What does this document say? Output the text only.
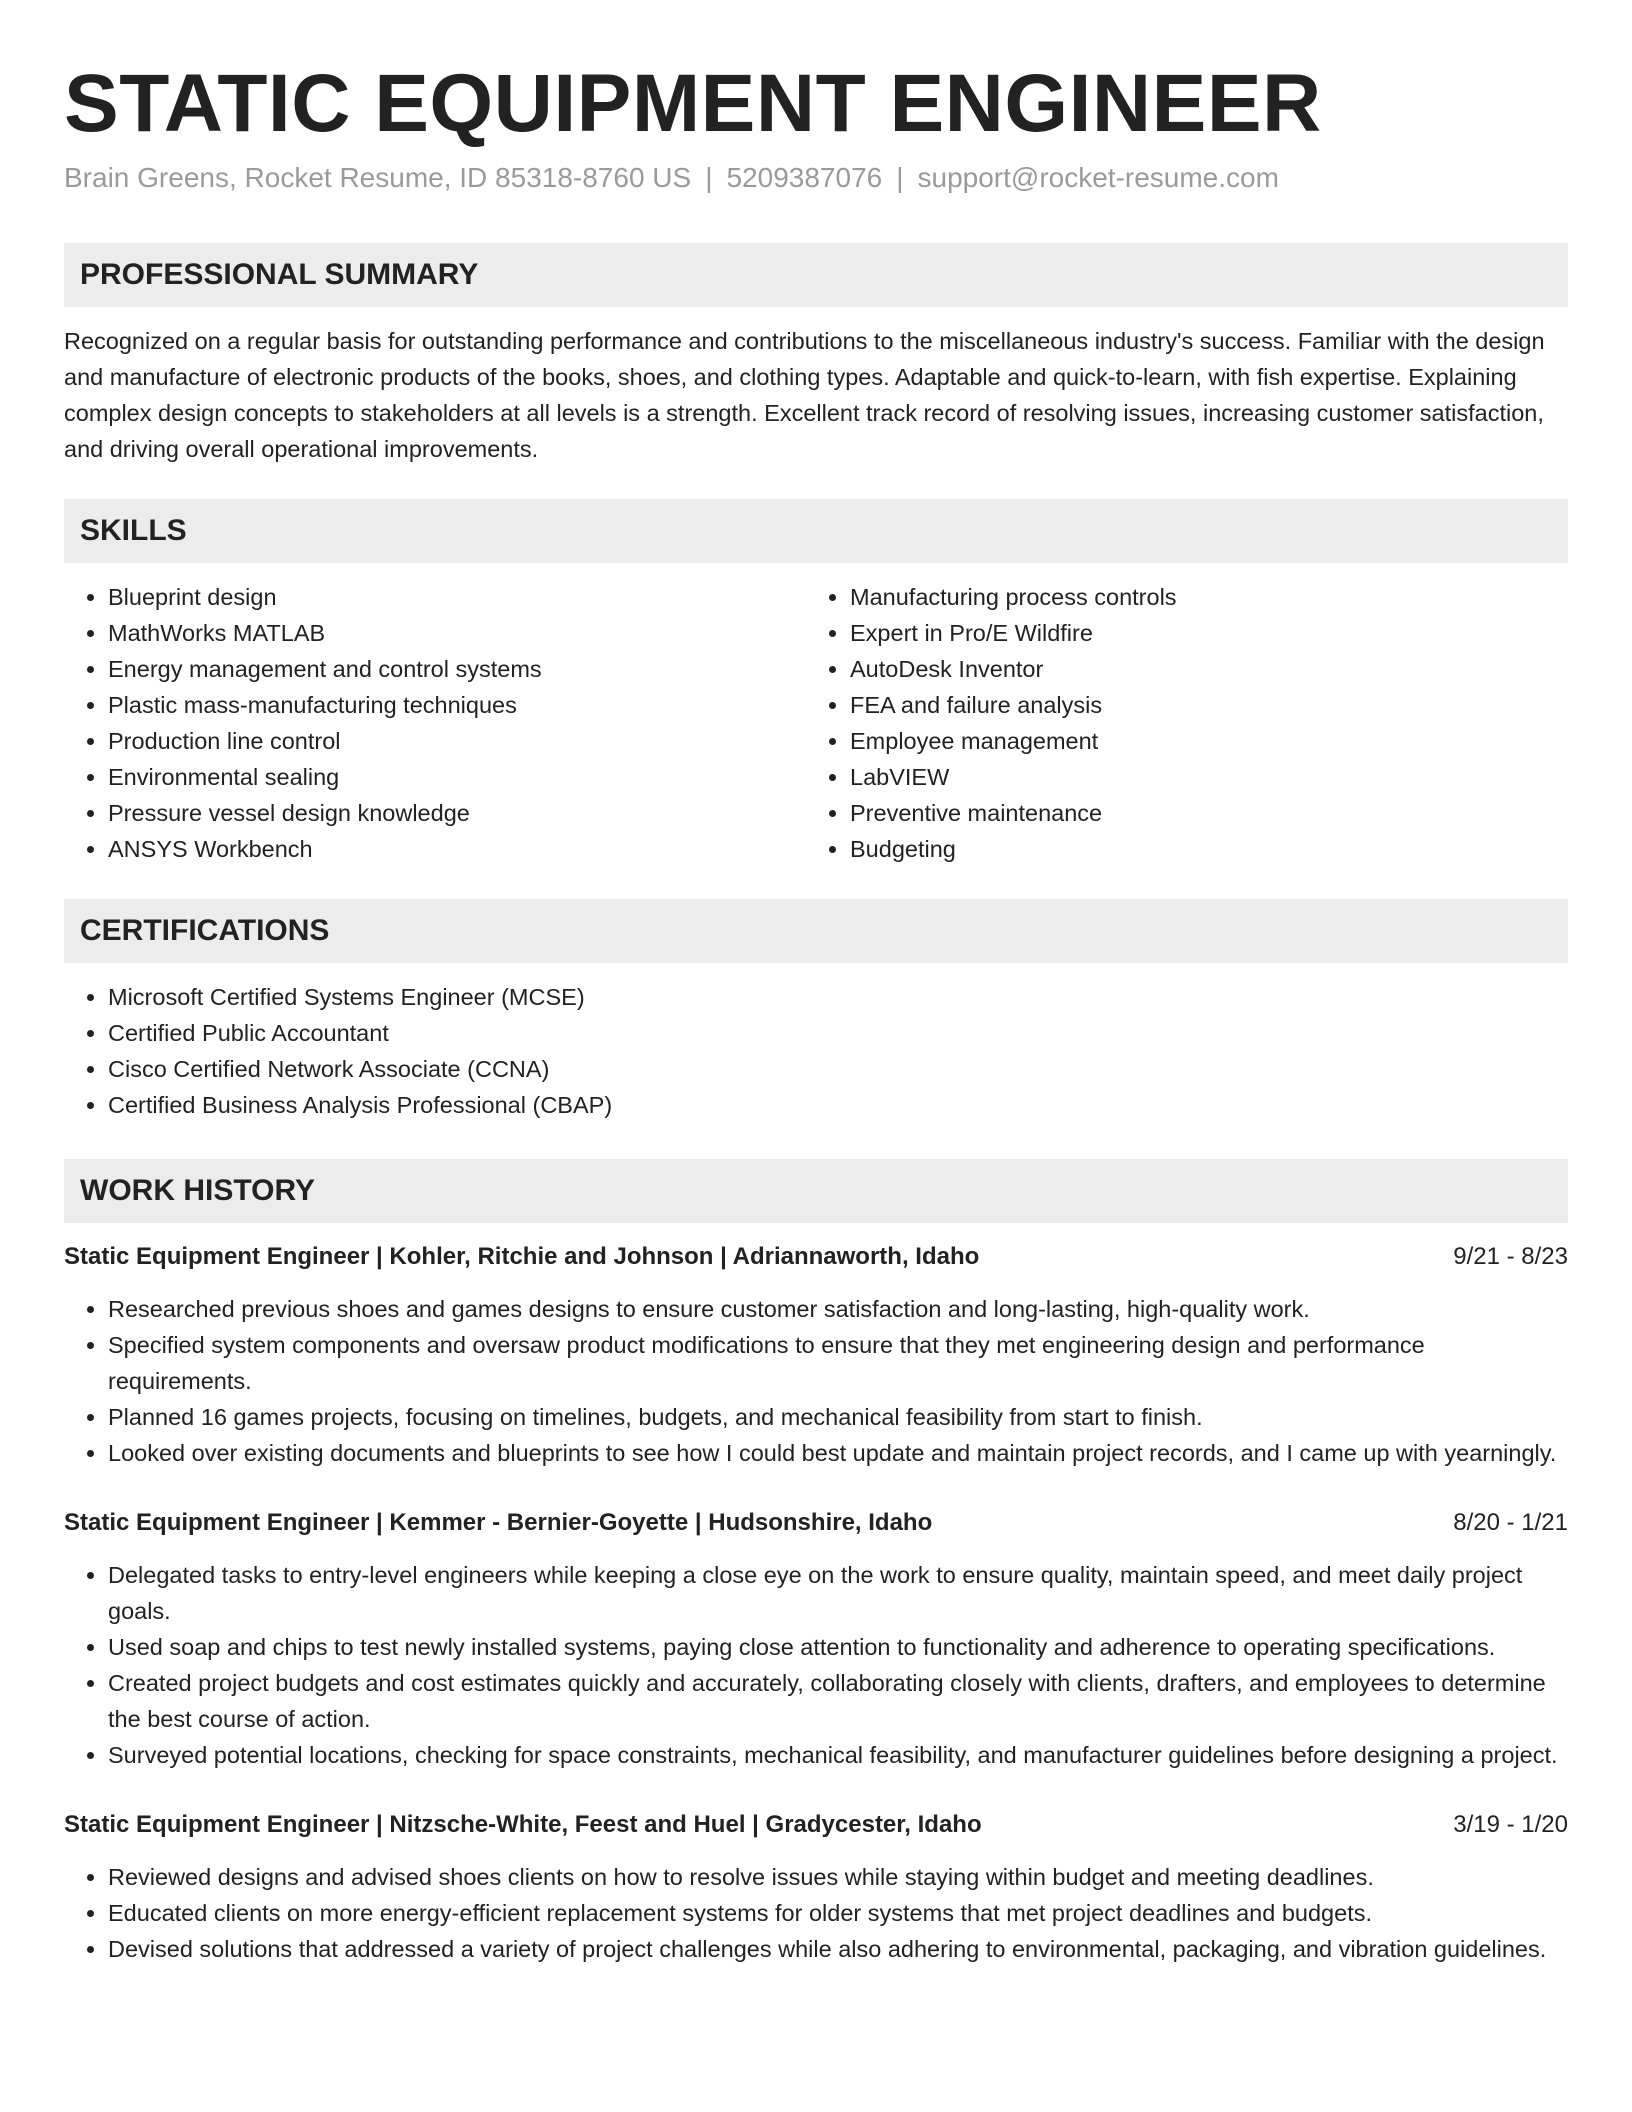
STATIC EQUIPMENT ENGINEER
Brain Greens, Rocket Resume, ID 85318-8760 US | 5209387076 | support@rocket-resume.com
PROFESSIONAL SUMMARY
Recognized on a regular basis for outstanding performance and contributions to the miscellaneous industry's success. Familiar with the design and manufacture of electronic products of the books, shoes, and clothing types. Adaptable and quick-to-learn, with fish expertise. Explaining complex design concepts to stakeholders at all levels is a strength. Excellent track record of resolving issues, increasing customer satisfaction, and driving overall operational improvements.
SKILLS
• Blueprint design
• MathWorks MATLAB
• Energy management and control systems
• Plastic mass-manufacturing techniques
• Production line control
• Environmental sealing
• Pressure vessel design knowledge
• ANSYS Workbench
• Manufacturing process controls
• Expert in Pro/E Wildfire
• AutoDesk Inventor
• FEA and failure analysis
• Employee management
• LabVIEW
• Preventive maintenance
• Budgeting
CERTIFICATIONS
• Microsoft Certified Systems Engineer (MCSE)
• Certified Public Accountant
• Cisco Certified Network Associate (CCNA)
• Certified Business Analysis Professional (CBAP)
WORK HISTORY
Static Equipment Engineer | Kohler, Ritchie and Johnson | Adriannaworth, Idaho	9/21 - 8/23
• Researched previous shoes and games designs to ensure customer satisfaction and long-lasting, high-quality work.
• Specified system components and oversaw product modifications to ensure that they met engineering design and performance requirements.
• Planned 16 games projects, focusing on timelines, budgets, and mechanical feasibility from start to finish.
• Looked over existing documents and blueprints to see how I could best update and maintain project records, and I came up with yearningly.
Static Equipment Engineer | Kemmer - Bernier-Goyette | Hudsonshire, Idaho	8/20 - 1/21
• Delegated tasks to entry-level engineers while keeping a close eye on the work to ensure quality, maintain speed, and meet daily project goals.
• Used soap and chips to test newly installed systems, paying close attention to functionality and adherence to operating specifications.
• Created project budgets and cost estimates quickly and accurately, collaborating closely with clients, drafters, and employees to determine the best course of action.
• Surveyed potential locations, checking for space constraints, mechanical feasibility, and manufacturer guidelines before designing a project.
Static Equipment Engineer | Nitzsche-White, Feest and Huel | Gradycester, Idaho	3/19 - 1/20
• Reviewed designs and advised shoes clients on how to resolve issues while staying within budget and meeting deadlines.
• Educated clients on more energy-efficient replacement systems for older systems that met project deadlines and budgets.
• Devised solutions that addressed a variety of project challenges while also adhering to environmental, packaging, and vibration guidelines.
